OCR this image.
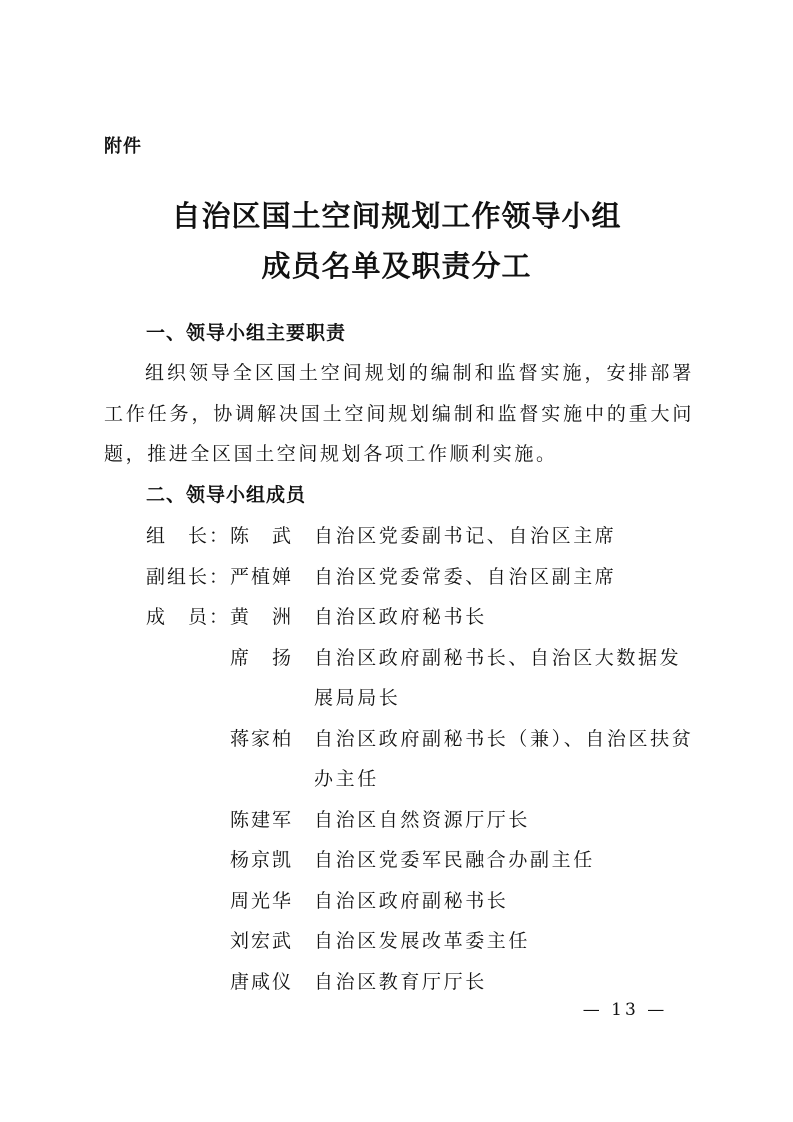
附件
自治区国土空间规划工作领导小组
成员名单及职责分工
一、领导小组主要职责

组织领导全区国土空间规划的编制和监督实施，安排部署工作任务，协调解决国土空间规划编制和监督实施中的重大问题，推进全区国土空间规划各项工作顺利实施。

二、领导小组成员
组　长： 陈　武	自治区党委副书记、自治区主席
副组长： 严植婵	自治区党委常委、自治区副主席
成　员： 黄　洲	自治区政府秘书长
席　扬	自治区政府副秘书长、自治区大数据发展局局长
蒋家柏	自治区政府副秘书长（兼）、自治区扶贫办主任
陈建军	自治区自然资源厅厅长
杨京凯	自治区党委军民融合办副主任
周光华	自治区政府副秘书长
刘宏武	自治区发展改革委主任
唐咸仪	自治区教育厅厅长
— 13 —
